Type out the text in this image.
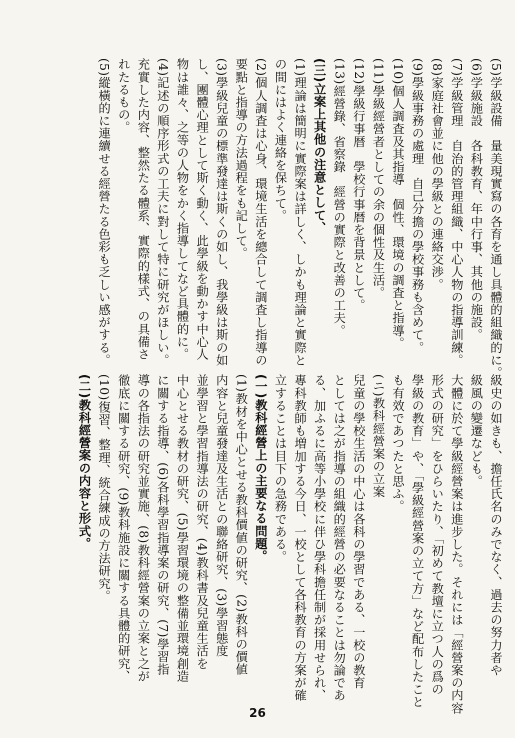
(5)学級設備　量美現實寫の各育を通し具體的組織的に。
(6)学級施設　各科教育、年中行事、其他の施設。
(7)学級管理　自治的管理組織、中心人物の指導訓練。
(8)家庭社會並に他の學級との連絡交渉。
(9)學級事務の處理　自己分擔の學校事務も含めて。
(10)個人調査及其指導　個性、環境の調査と指導。
(11)學級經營者としての余の個性及生活。
(12)學級行事暦　學校行事暦を背景として。
(13)經營錄、省察錄　經營の實際と改善の工夫。
(三)立案上其他の注意として、
(1)理論は簡明に實際案は詳しく、しかも理論と實際と
の間にはよく連絡を保ちて。
(2)個人調査は心身、環境生活を總合して調査し指導の
要點と指導の方法過程をも記して。
(3)學級兒童の標準發達は斯くの如し、我學級は斯の如
し、團體心理として斯く動く、此學級を動かす中心人
物は誰々、之等の人物をかく指導してなど具體的に。
(4)記述の順序形式の工夫に對して特に研究がほしい。
充實した内容、整然たる體系、實際的樣式、の具備さ
れたるもの。
(5)縱橫的に連續せる經營たる色彩も乏しい感がする。
級史の如きも、擔任氏名のみでなく、過去の努力者や
級風の變遷なども。
大體に於て學級經營案は進步した。それには「經營案の内容
形式の研究」をひらいたり、「初めて教壇に立つ人の爲の
學級の教育」や、「學級經營案の立て方」など配布したこと
も有效であつたと思ふ。
(ニ)教科經營案の立案
兒童の學校生活の中心は各科の學習である、一校の教育
としては之が指導の組織的經營の必要なることは勿論であ
る、加ふるに高等小學校に伴ひ學科擔任制が採用せられ、
專科教師も増加する今日、一校として各科教育の方案が確
立することは目下の急務である。
(一)教科經營上の主要なる問題。
(1)教材を中心とせる教科價値の研究、(2)教科の價値
内容と兒童發達及生活との聯絡研究、(3)學習態度
並學習と學習指導法の研究、(4)教科書及兒童生活を
中心とせる教材の研究、(5)學習環境の整備並環境創造
に關する指導、(6)各科學習指導案の研究、(7)學習指
導の各指法の研究並實施、(8)教科經營案の立案と之が
徹底に關する研究、(9)教科施設に關する具體的研究、
(10)復習、整理、統合練成の方法研究。
(二)教科經營案の内容と形式。
26
